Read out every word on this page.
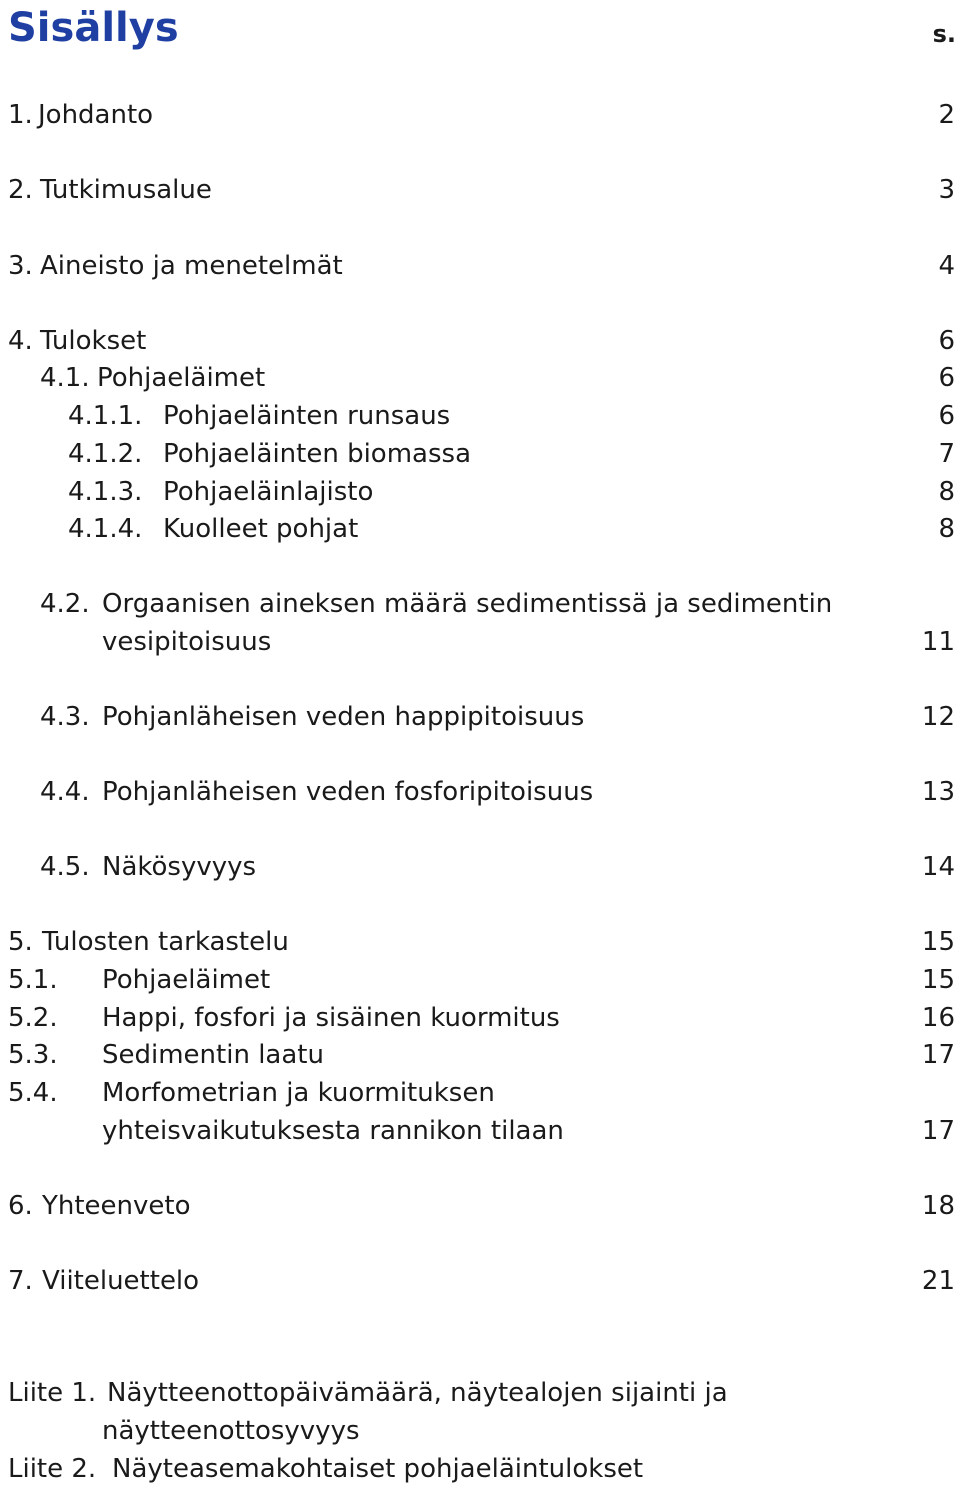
Sisällys	s.
1. Johdanto	2
2. Tutkimusalue	3
3. Aineisto ja menetelmät	4
4. Tulokset	6
4.1. Pohjaeläimet	6
4.1.1. Pohjaeläinten runsaus	6
4.1.2. Pohjaeläinten biomassa	7
4.1.3. Pohjaeläinlajisto	8
4.1.4. Kuolleet pohjat	8
4.2. Orgaanisen aineksen määrä sedimentissä ja sedimentin
vesipitoisuus	11
4.3. Pohjanläheisen veden happipitoisuus	12
4.4. Pohjanläheisen veden fosforipitoisuus	13
4.5. Näkösyvyys	14
5. Tulosten tarkastelu	15
5.1. Pohjaeläimet	15
5.2. Happi, fosfori ja sisäinen kuormitus	16
5.3. Sedimentin laatu	17
5.4. Morfometrian ja kuormituksen
yhteisvaikutuksesta rannikon tilaan	17
6. Yhteenveto	18
7. Viiteluettelo	21
Liite 1. Näytteenottopäivämäärä, näytealojen sijainti ja
näytteenottosyvyys
Liite 2. Näyteasemakohtaiset pohjaeläintulokset
